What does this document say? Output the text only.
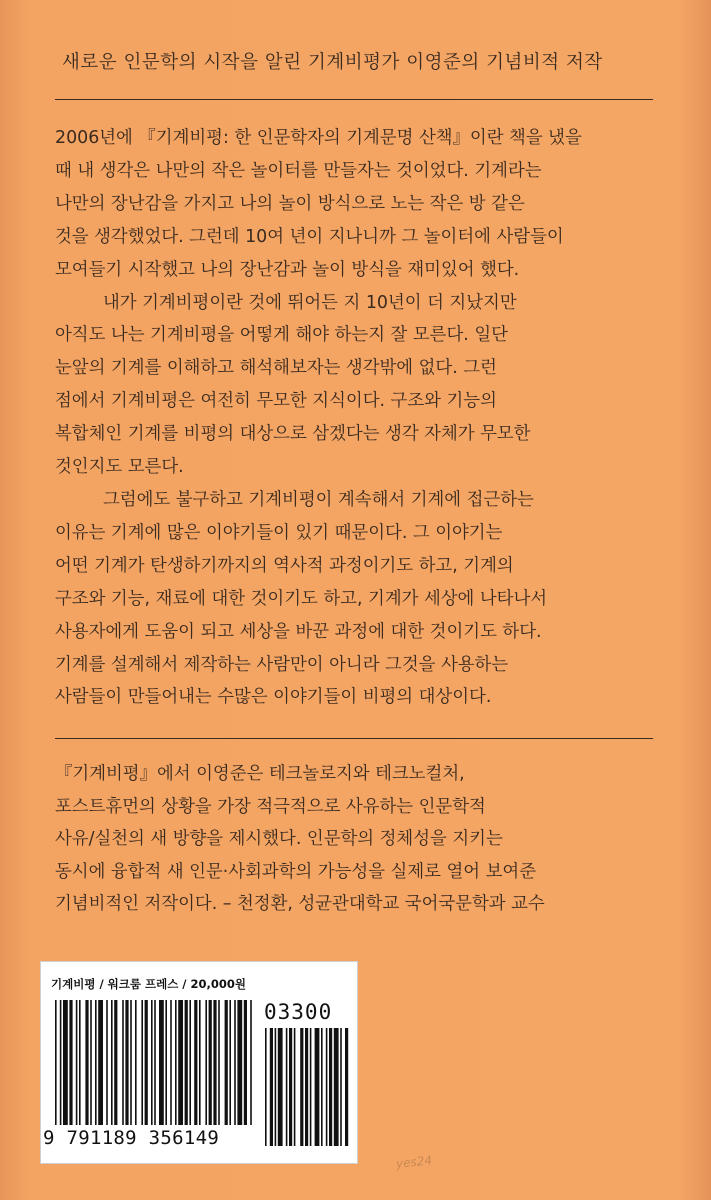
새로운 인문학의 시작을 알린 기계비평가 이영준의 기념비적 저작

2006년에 『기계비평: 한 인문학자의 기계문명 산책』이란 책을 냈을
때 내 생각은 나만의 작은 놀이터를 만들자는 것이었다. 기계라는
나만의 장난감을 가지고 나의 놀이 방식으로 노는 작은 방 같은
것을 생각했었다. 그런데 10여 년이 지나니까 그 놀이터에 사람들이
모여들기 시작했고 나의 장난감과 놀이 방식을 재미있어 했다.

내가 기계비평이란 것에 뛰어든 지 10년이 더 지났지만
아직도 나는 기계비평을 어떻게 해야 하는지 잘 모른다. 일단
눈앞의 기계를 이해하고 해석해보자는 생각밖에 없다. 그런
점에서 기계비평은 여전히 무모한 지식이다. 구조와 기능의
복합체인 기계를 비평의 대상으로 삼겠다는 생각 자체가 무모한
것인지도 모른다.

그럼에도 불구하고 기계비평이 계속해서 기계에 접근하는
이유는 기계에 많은 이야기들이 있기 때문이다. 그 이야기는
어떤 기계가 탄생하기까지의 역사적 과정이기도 하고, 기계의
구조와 기능, 재료에 대한 것이기도 하고, 기계가 세상에 나타나서
사용자에게 도움이 되고 세상을 바꾼 과정에 대한 것이기도 하다.
기계를 설계해서 제작하는 사람만이 아니라 그것을 사용하는
사람들이 만들어내는 수많은 이야기들이 비평의 대상이다.

『기계비평』에서 이영준은 테크놀로지와 테크노컬처,
포스트휴먼의 상황을 가장 적극적으로 사유하는 인문학적
사유/실천의 새 방향을 제시했다. 인문학의 정체성을 지키는
동시에 융합적 새 인문·사회과학의 가능성을 실제로 열어 보여준
기념비적인 저작이다. – 천정환, 성균관대학교 국어국문학과 교수
기계비평 / 워크룸 프레스 / 20,000원
03300
9 791189 356149
yes24
